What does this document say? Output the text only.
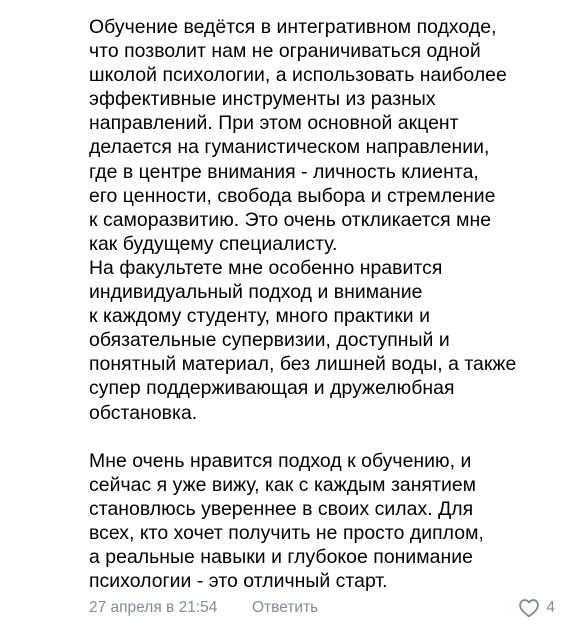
Обучение ведётся в интегративном подходе,
что позволит нам не ограничиваться одной
школой психологии, а использовать наиболее
эффективные инструменты из разных
направлений. При этом основной акцент
делается на гуманистическом направлении,
где в центре внимания - личность клиента,
его ценности, свобода выбора и стремление
к саморазвитию. Это очень откликается мне
как будущему специалисту.
На факультете мне особенно нравится
индивидуальный подход и внимание
к каждому студенту, много практики и
обязательные супервизии, доступный и
понятный материал, без лишней воды, а также
супер поддерживающая и дружелюбная
обстановка.
Мне очень нравится подход к обучению, и
сейчас я уже вижу, как с каждым занятием
становлюсь увереннее в своих силах. Для
всех, кто хочет получить не просто диплом,
а реальные навыки и глубокое понимание
психологии - это отличный старт.
27 апреля в 21:54 Ответить	4
